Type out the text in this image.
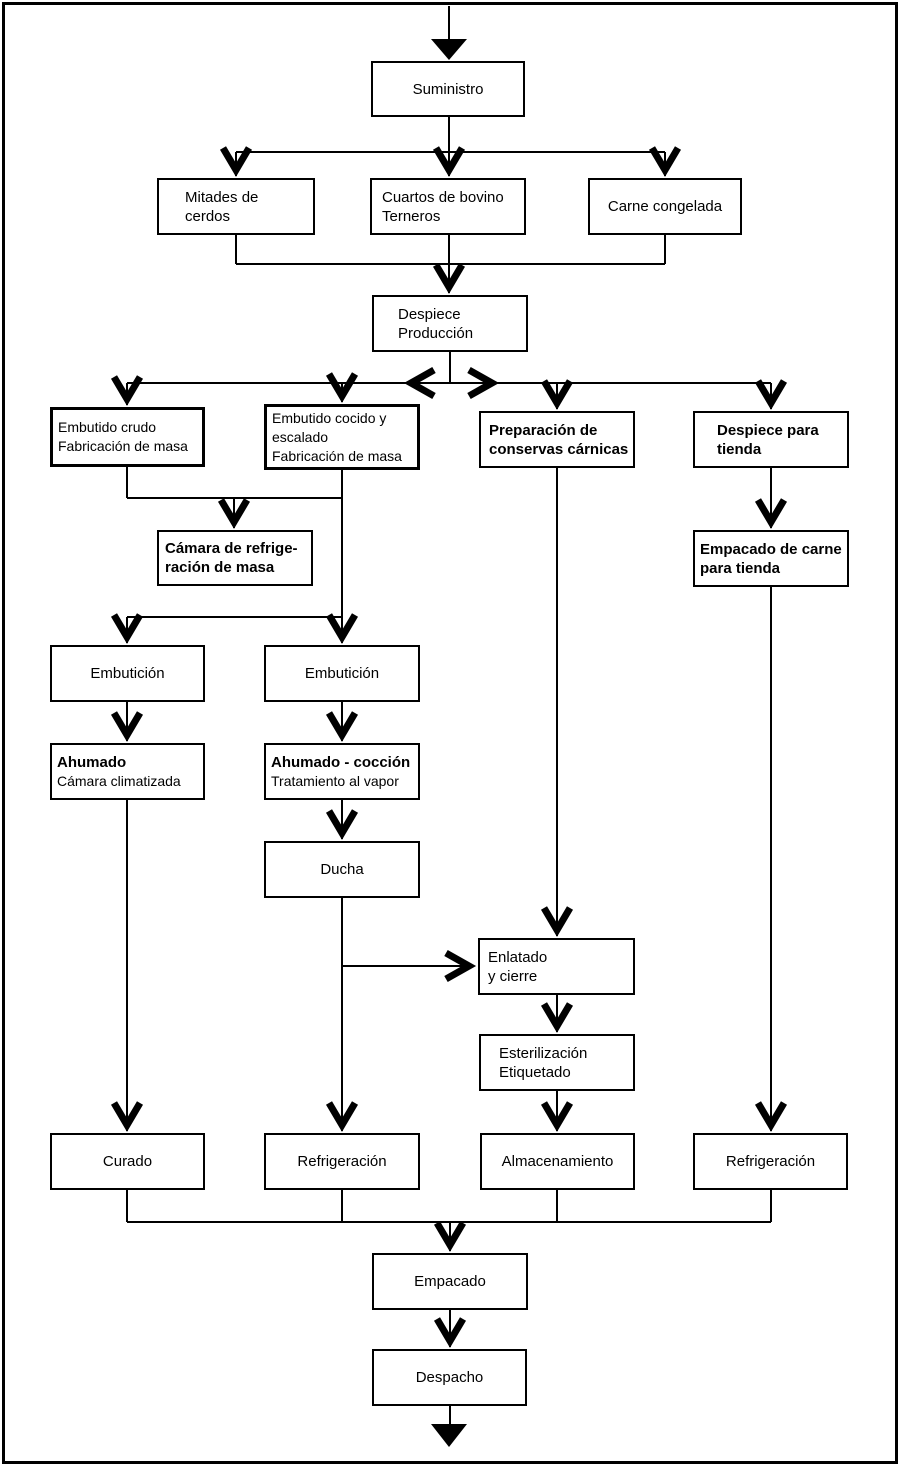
Suministro
Mitades de
cerdos
Cuartos de bovino
Terneros
Carne congelada
Despiece
Producción
Embutido crudo
Fabricación de masa
Embutido cocido y
escalado
Fabricación de masa
Preparación de
conservas cárnicas
Despiece para
tienda
Cámara de refrige-
ración de masa
Empacado de carne
para tienda
Embutición	Embutición
Ahumado
Cámara climatizada
Ahumado - cocción
Tratamiento al vapor
Ducha
Enlatado
y cierre
Esterilización
Etiquetado
Curado	Refrigeración	Almacenamiento	Refrigeración
Empacado
Despacho
